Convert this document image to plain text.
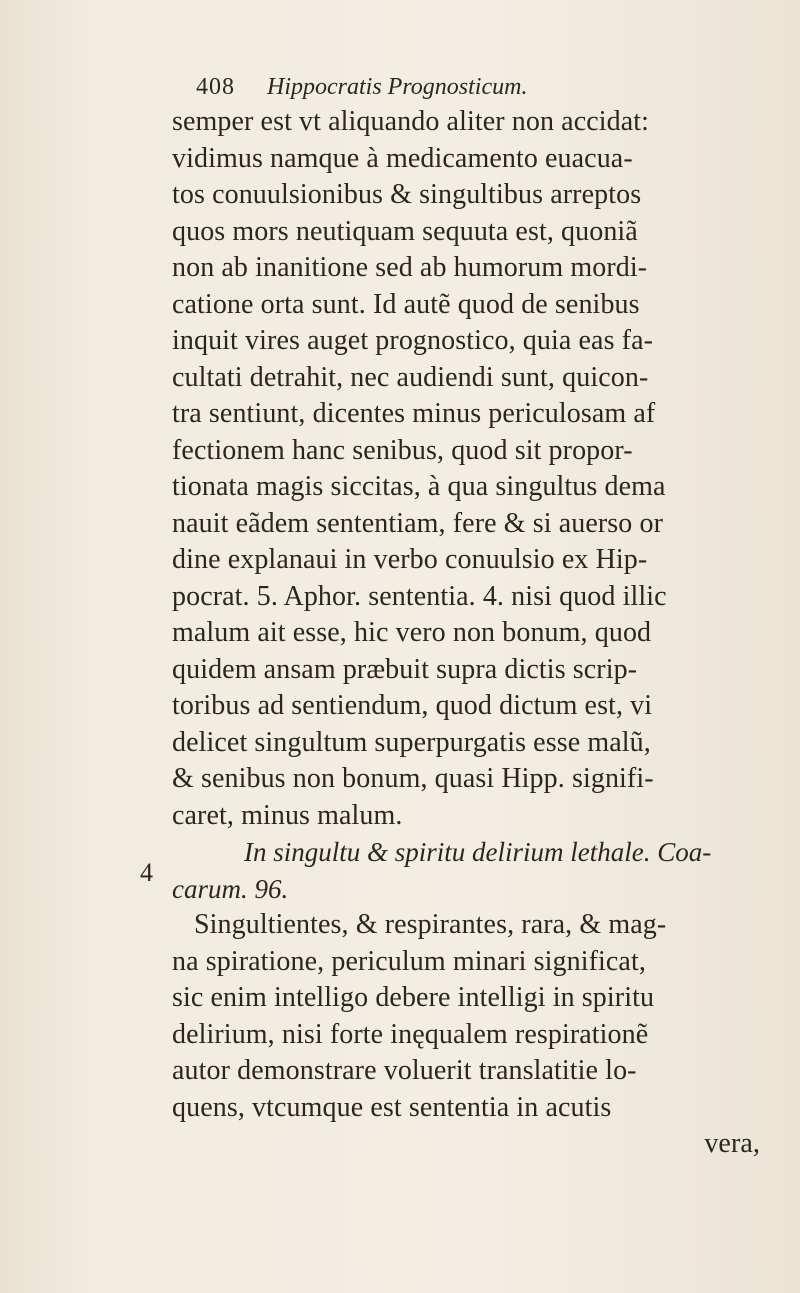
408 Hippocratis Prognosticum.
4
semper est vt aliquando aliter non accidat:
vidimus namque à medicamento euacua-
tos conuulsionibus & singultibus arreptos
quos mors neutiquam sequuta est, quoniã
non ab inanitione sed ab humorum mordi-
catione orta sunt. Id autẽ quod de senibus
inquit vires auget prognostico, quia eas fa-
cultati detrahit, nec audiendi sunt, quicon-
tra sentiunt, dicentes minus periculosam af
fectionem hanc senibus, quod sit propor-
tionata magis siccitas, à qua singultus dema
nauit eãdem sententiam, fere & si auerso or
dine explanaui in verbo conuulsio ex Hip-
pocrat. 5. Aphor. sententia. 4. nisi quod illic
malum ait esse, hic vero non bonum, quod
quidem ansam præbuit supra dictis scrip-
toribus ad sentiendum, quod dictum est, vi
delicet singultum superpurgatis esse malũ,
& senibus non bonum, quasi Hipp. signifi-
caret, minus malum.
In singultu & spiritu delirium lethale. Coa-
carum. 96.
Singultientes, & respirantes, rara, & mag-
na spiratione, periculum minari significat,
sic enim intelligo debere intelligi in spiritu
delirium, nisi forte inęqualem respirationẽ
autor demonstrare voluerit translatitie lo-
quens, vtcumque est sententia in acutis
vera,
